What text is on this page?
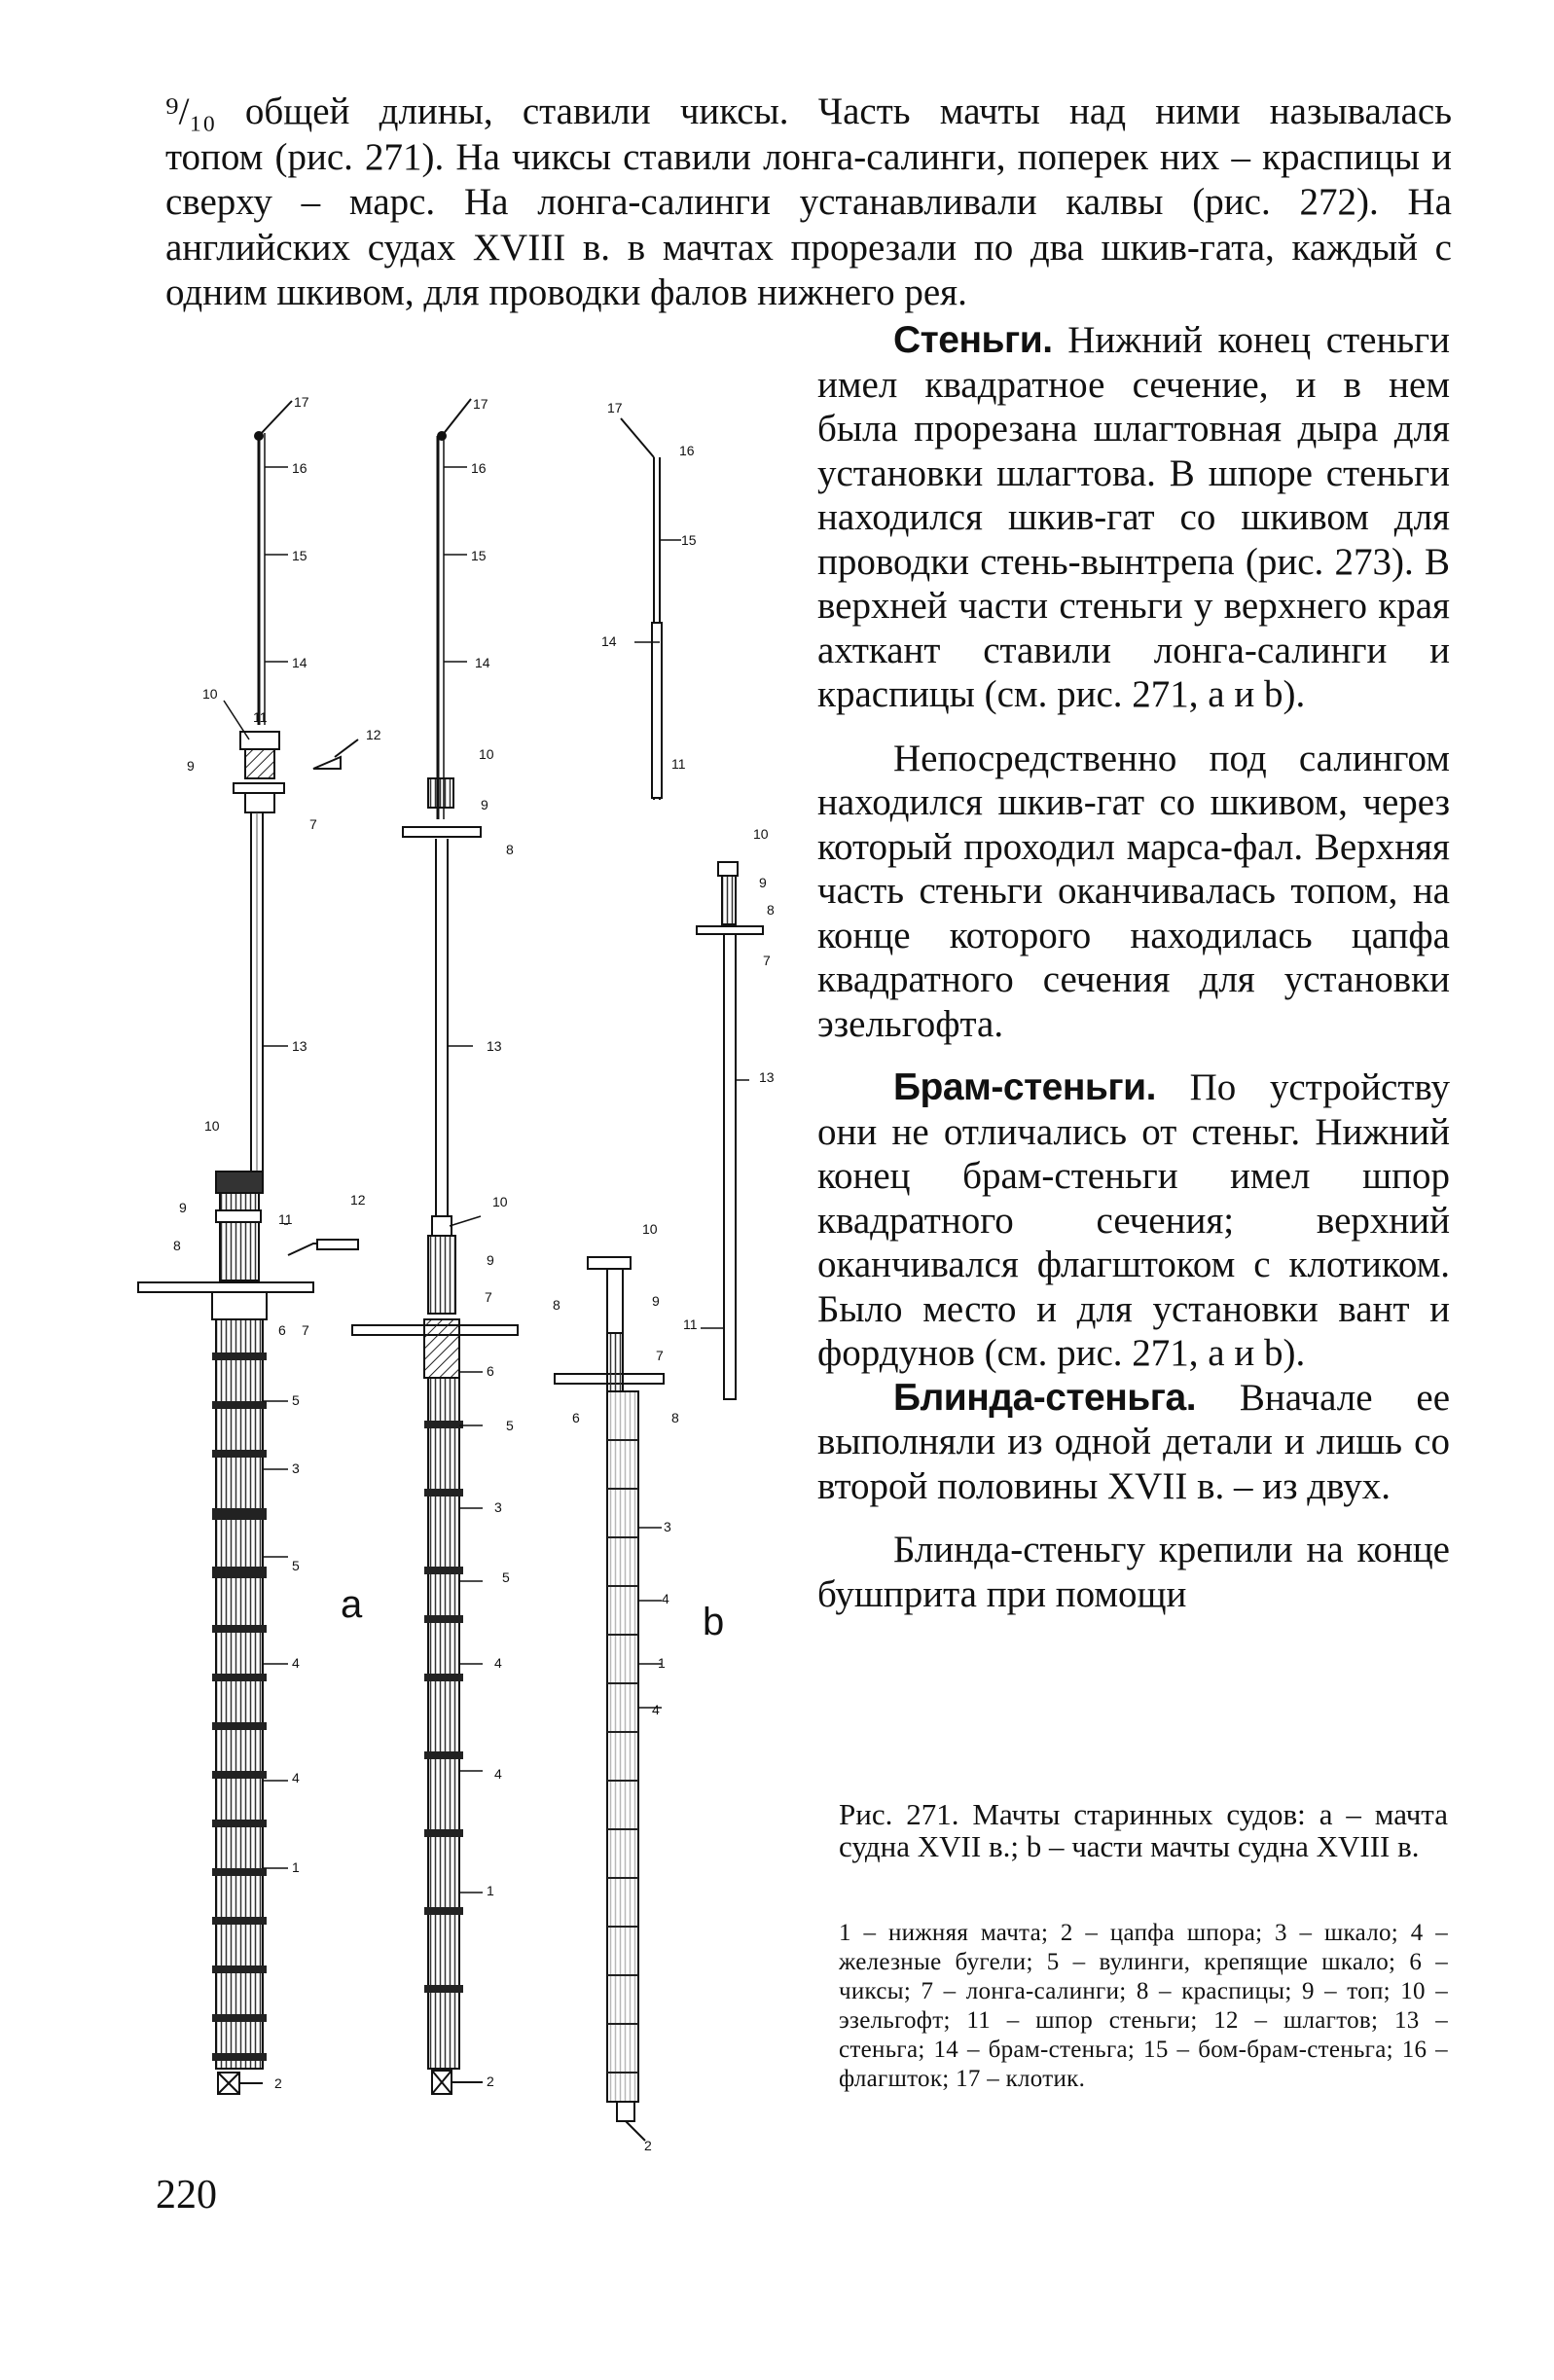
⁹/₁₀ общей длины, ставили чиксы. Часть мачты над ними называлась

топом (рис. 271). На чиксы ставили лонга-салинги, поперек них – краспицы и сверху – марс. На лонга-салинги устанавливали калвы (рис. 272). На английских судах XVIII в. в мачтах прорезали по два шкив-гата, каждый с одним шкивом, для проводки фалов нижнего рея.

Стеньги. Нижний конец стеньги имел квадратное сечение, и в нем была прорезана шлагтовная дыра для установки шлагтова. В шпоре стеньги находился шкив-гат со шкивом для проводки стень-вынтрепа (рис. 273). В верхней части стеньги у верхнего края ахткант ставили лонга-салинги и краспицы (см. рис. 271, а и b).

Непосредственно под салингом находился шкив-гат со шкивом, через который проходил марса-фал. Верхняя часть стеньги оканчивалась топом, на конце которого находилась цапфа квадратного сечения для установки эзельгофта.

Брам-стеньги. По устройству они не отличались от стеньг. Нижний конец брам-стеньги имел шпор квадратного сечения; верхний оканчивался флагштоком с клотиком. Было место и для установки вант и фордунов (см. рис. 271, а и b).

Блинда-стеньга. Вначале ее выполняли из одной детали и лишь со второй половины XVII в. – из двух.

Блинда-стеньгу крепили на конце бушприта при помощи

Рис. 271. Мачты старинных судов: а – мачта судна XVII в.; b – части мачты судна XVIII в.

1 – нижняя мачта; 2 – цапфа шпора; 3 – шкало; 4 – железные бугели; 5 – вулинги, крепящие шкало; 6 – чиксы; 7 – лонга-салинги; 8 – краспицы; 9 – топ; 10 – эзельгофт; 11 – шпор стеньги; 12 – шлагтов; 13 – стеньга; 14 – брам-стеньга; 15 – бом-брам-стеньга; 16 – флагшток; 17 – клотик.

220
17
16
15
14
10
11
9
12
7
13
10
9	12
11
8
6 7
5
3
5
4
4
1
2
17
16
15
14
10
9
8
13
10
9
7	8
6
5
3
5
4
4
1
2
17
16
15
14
11
10
9
8
7
13
11
10
9
7
6	8
3
4
1
4
2
a	b
